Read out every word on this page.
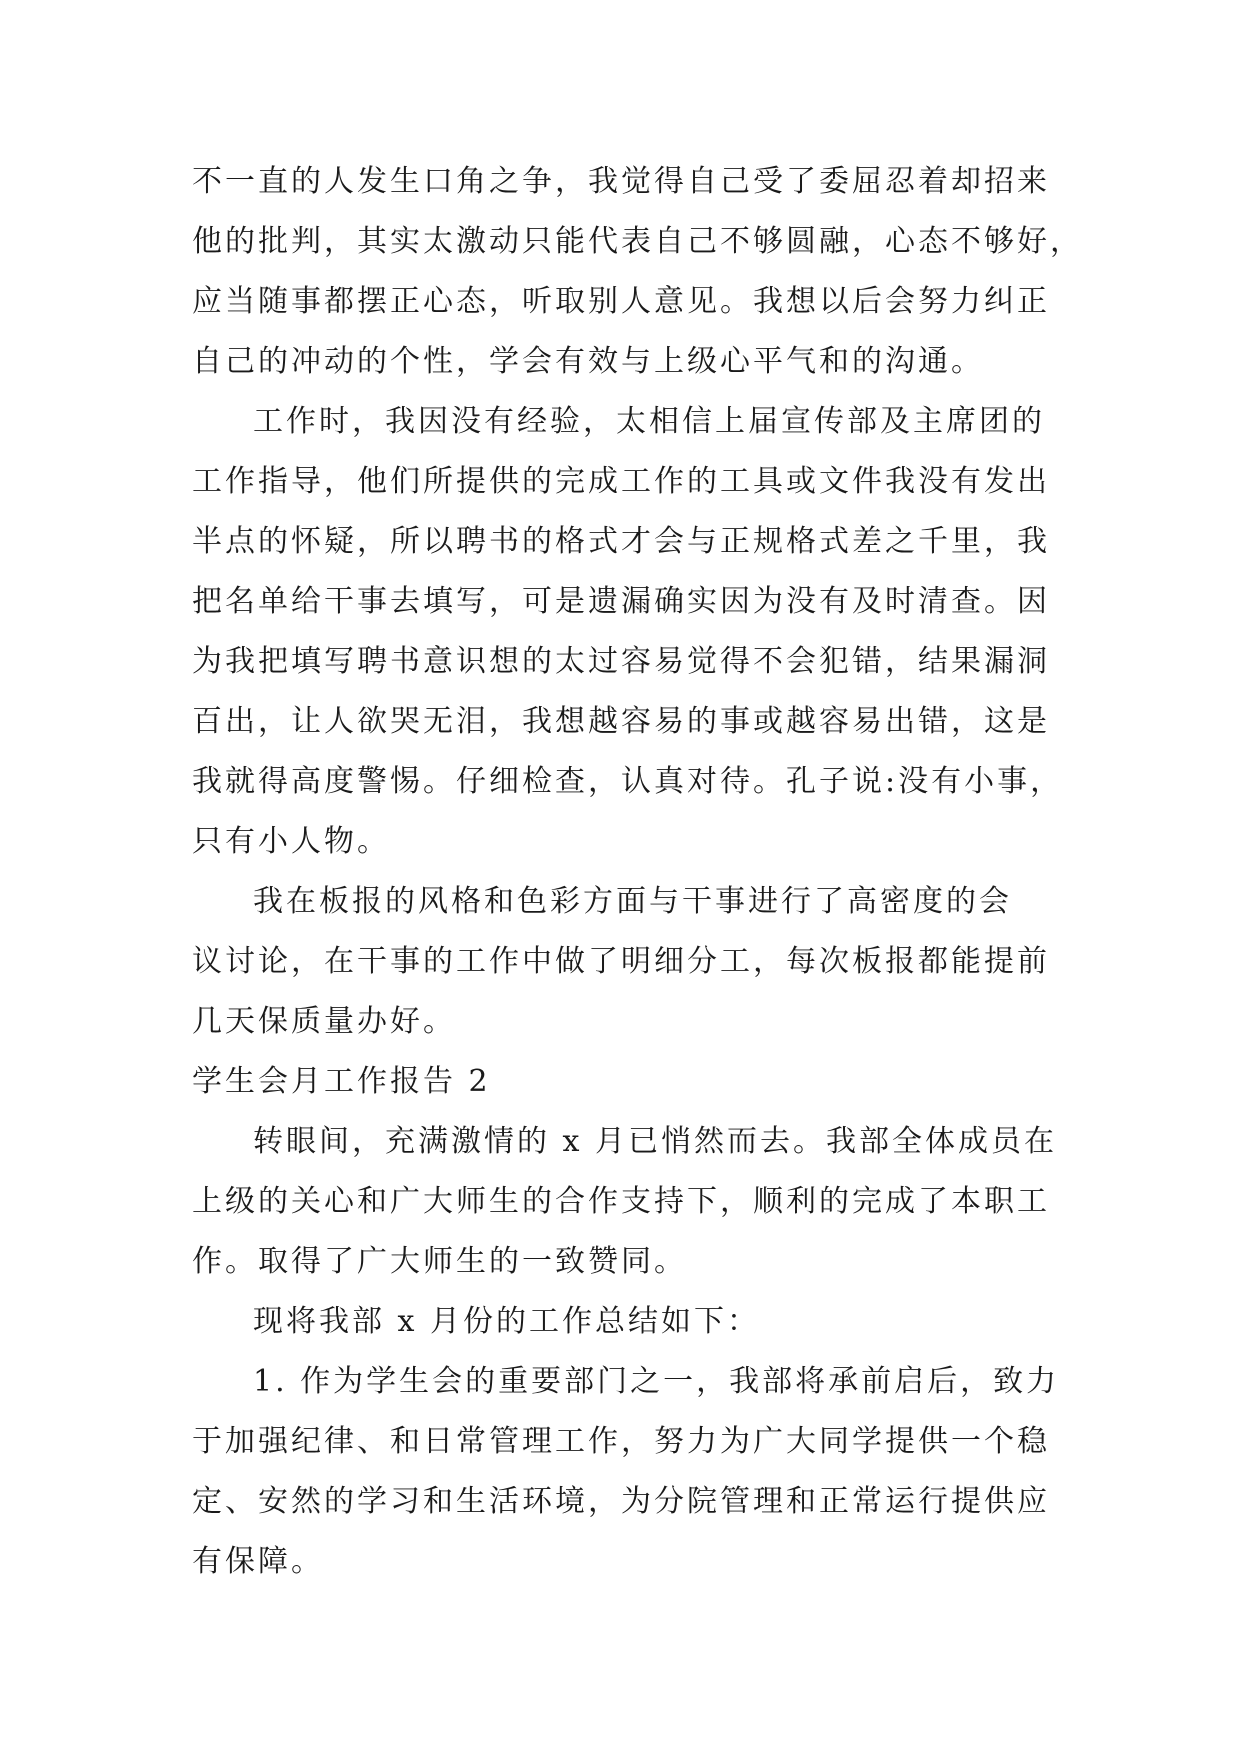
不一直的人发生口角之争，我觉得自己受了委屈忍着却招来
他的批判，其实太激动只能代表自己不够圆融，心态不够好，
应当随事都摆正心态，听取别人意见。我想以后会努力纠正
自己的冲动的个性，学会有效与上级心平气和的沟通。
工作时，我因没有经验，太相信上届宣传部及主席团的
工作指导，他们所提供的完成工作的工具或文件我没有发出
半点的怀疑，所以聘书的格式才会与正规格式差之千里，我
把名单给干事去填写，可是遗漏确实因为没有及时清查。因
为我把填写聘书意识想的太过容易觉得不会犯错，结果漏洞
百出，让人欲哭无泪，我想越容易的事或越容易出错，这是
我就得高度警惕。仔细检查，认真对待。孔子说:没有小事，
只有小人物。
我在板报的风格和色彩方面与干事进行了高密度的会
议讨论，在干事的工作中做了明细分工，每次板报都能提前
几天保质量办好。
学生会月工作报告 2
转眼间，充满激情的 x 月已悄然而去。我部全体成员在
上级的关心和广大师生的合作支持下，顺利的完成了本职工
作。取得了广大师生的一致赞同。
现将我部 x 月份的工作总结如下：
1. 作为学生会的重要部门之一，我部将承前启后，致力
于加强纪律、和日常管理工作，努力为广大同学提供一个稳
定、安然的学习和生活环境，为分院管理和正常运行提供应
有保障。
